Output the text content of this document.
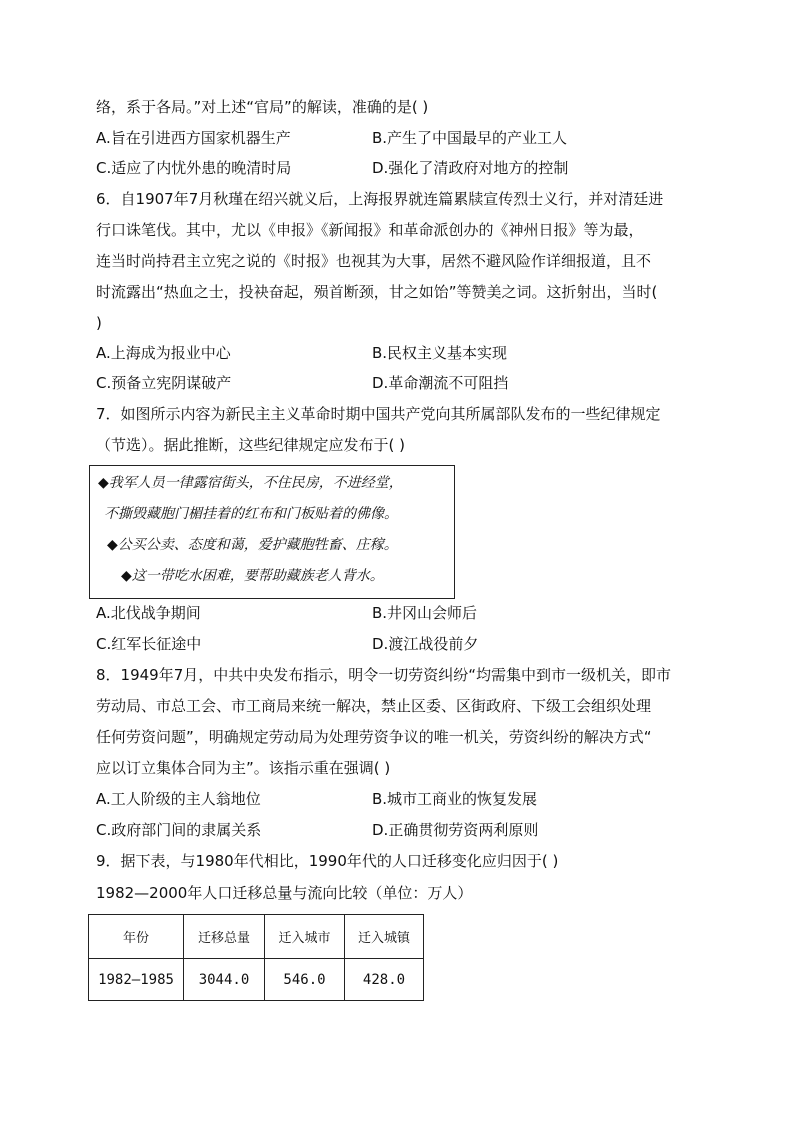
络，系于各局。”对上述“官局”的解读，准确的是( )
A.旨在引进西方国家机器生产	B.产生了中国最早的产业工人
C.适应了内忧外患的晚清时局	D.强化了清政府对地方的控制
6．自1907年7月秋瑾在绍兴就义后，上海报界就连篇累牍宣传烈士义行，并对清廷进
行口诛笔伐。其中，尤以《申报》《新闻报》和革命派创办的《神州日报》等为最，
连当时尚持君主立宪之说的《时报》也视其为大事，居然不避风险作详细报道，且不
时流露出“热血之士，投袂奋起，殒首断颈，甘之如饴”等赞美之词。这折射出，当时(
)
A.上海成为报业中心	B.民权主义基本实现
C.预备立宪阴谋破产	D.革命潮流不可阻挡
7．如图所示内容为新民主主义革命时期中国共产党向其所属部队发布的一些纪律规定
（节选）。据此推断，这些纪律规定应发布于( )
◆我军人员一律露宿街头，不住民房，不进经堂，
不撕毁藏胞门楣挂着的红布和门板贴着的佛像。
◆公买公卖、态度和蔼，爱护藏胞牲畜、庄稼。
◆这一带吃水困难，要帮助藏族老人背水。
A.北伐战争期间	B.井冈山会师后
C.红军长征途中	D.渡江战役前夕
8．1949年7月，中共中央发布指示，明令一切劳资纠纷“均需集中到市一级机关，即市
劳动局、市总工会、市工商局来统一解决，禁止区委、区街政府、下级工会组织处理
任何劳资问题”，明确规定劳动局为处理劳资争议的唯一机关，劳资纠纷的解决方式“
应以订立集体合同为主”。该指示重在强调( )
A.工人阶级的主人翁地位	B.城市工商业的恢复发展
C.政府部门间的隶属关系	D.正确贯彻劳资两利原则
9．据下表，与1980年代相比，1990年代的人口迁移变化应归因于( )
1982—2000年人口迁移总量与流向比较（单位：万人）
年份	迁移总量	迁入城市	迁入城镇
1982—1985	3044.0	546.0	428.0
